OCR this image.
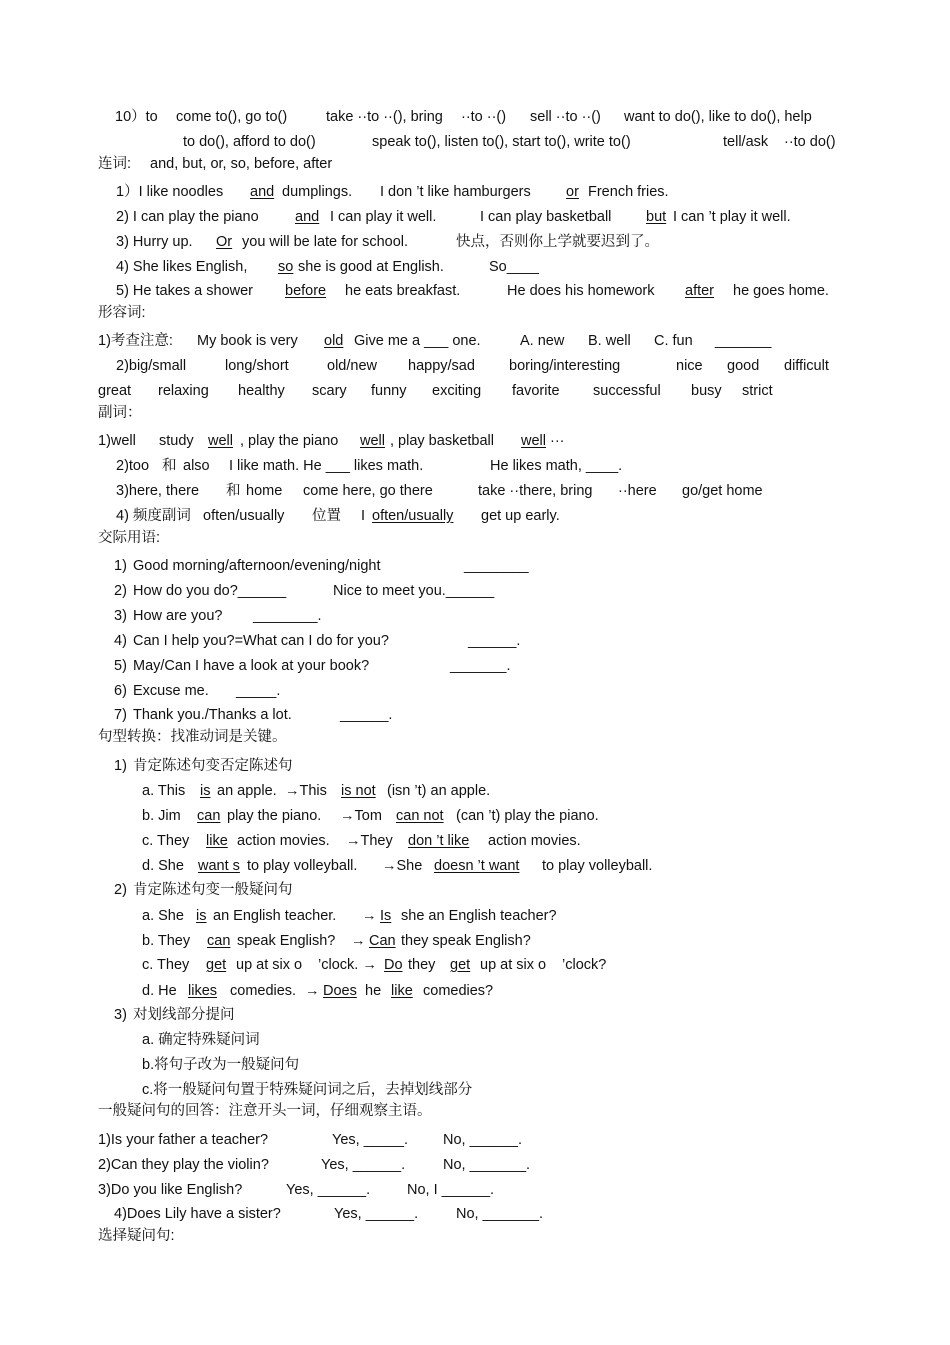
10）to come to(), go to()	take ··to ··(), bring ··to ··() sell ··to ··() want to do(), like to do(), help
to do(), afford to do()	speak to(), listen to(), start to(), write to()	tell/ask ··to do()
连词: and, but, or, so, before, after
1）I like noodles and dumplings. I don ’t like hamburgers or French fries.
2) I can play the piano	and I can play it well.	I can play basketball but I can ’t play it well.
3) Hurry up. Or you will be late for school.	快点，否则你上学就要迟到了。
4) She likes English, so she is good at English.	So____
5) He takes a shower before he eats breakfast.	He does his homework after he goes home.
形容词:
1)考查注意: My book is very old Give me a ___ one.	A. new B. well C. fun _______
2)big/small	long/short	old/new happy/sad boring/interesting	nice good difficult
great relaxing healthy scary funny exciting favorite successful busy strict
副词：
1)well study well , play the piano well , play basketball well ···
2)too 和 also I like math. He ___ likes math.	He likes math, ____.
3)here, there 和 home come here, go there	take ··there, bring ··here go/get home
4) 频度副词 often/usually 位置 I often/usually get up early.
交际用语:
1) Good morning/afternoon/evening/night	________
2) How do you do?______	Nice to meet you.______
3) How are you? ________.
4) Can I help you?=What can I do for you?	______.
5) May/Can I have a look at your book?	_______.
6) Excuse me. _____.
7) Thank you./Thanks a lot.	______.
句型转换：找准动词是关键。
1) 肯定陈述句变否定陈述句
a. This is an apple. →This is not (isn ’t) an apple.
b. Jim can play the piano. →Tom can not (can ’t) play the piano.
c. They like action movies. →They don ’t like action movies.
d. She want s to play volleyball. →She doesn ’t want to play volleyball.
2) 肯定陈述句变一般疑问句
a. She is an English teacher. → Is she an English teacher?
b. They can speak English? → Can they speak English?
c. They get up at six o ’clock. → Do they get up at six o ’clock?
d. He likes comedies. → Does he like comedies?
3) 对划线部分提问
a. 确定特殊疑问词
b.将句子改为一般疑问句
c.将一般疑问句置于特殊疑问词之后，去掉划线部分
一般疑问句的回答：注意开头一词，仔细观察主语。
1)Is your father a teacher?	Yes, _____. No, ______.
2)Can they play the violin?	Yes, ______.	No, _______.
3)Do you like English?	Yes, ______.	No, I ______.
4)Does Lily have a sister?	Yes, ______.	No, _______.
选择疑问句:
